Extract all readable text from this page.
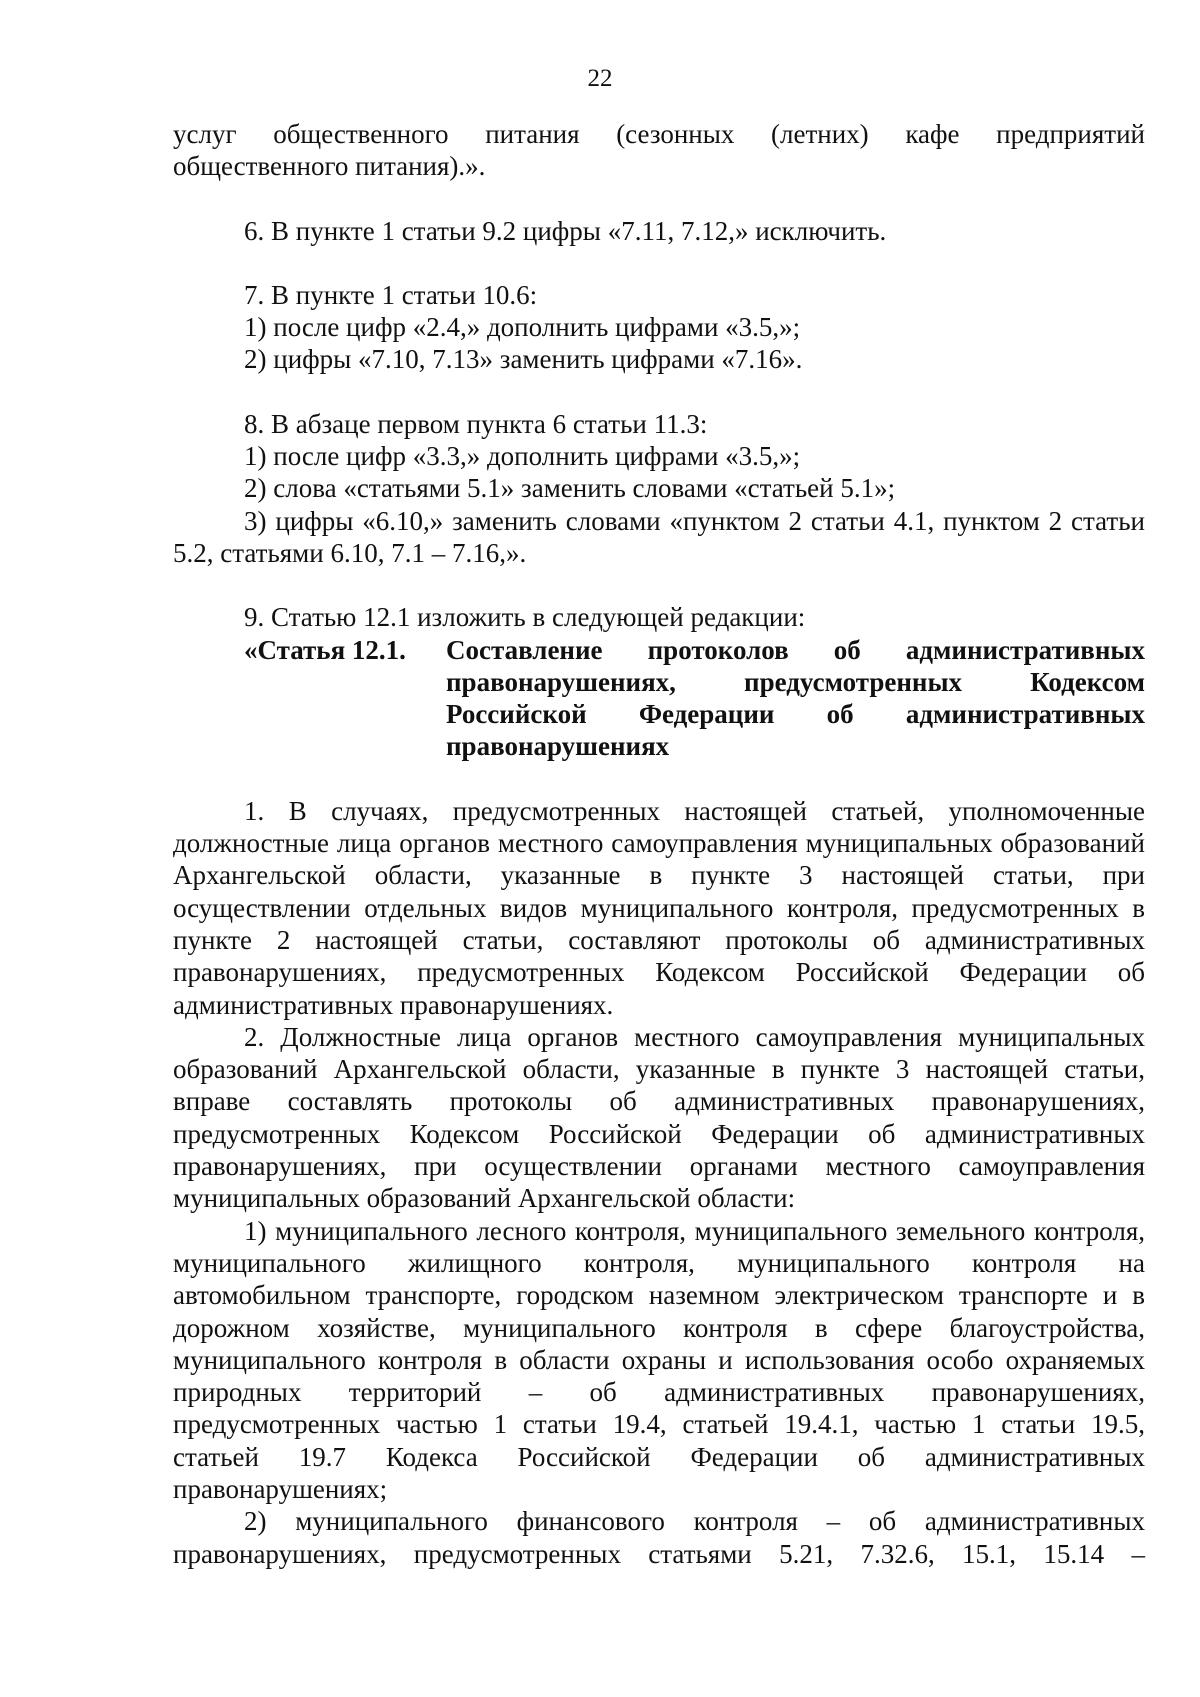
22

услуг общественного питания (сезонных (летних) кафе предприятий общественного питания).».

6. В пункте 1 статьи 9.2 цифры «7.11, 7.12,» исключить.

7. В пункте 1 статьи 10.6:

1) после цифр «2.4,» дополнить цифрами «3.5,»;

2) цифры «7.10, 7.13» заменить цифрами «7.16».

8. В абзаце первом пункта 6 статьи 11.3:

1) после цифр «3.3,» дополнить цифрами «3.5,»;

2) слова «статьями 5.1» заменить словами «статьей 5.1»;

3) цифры «6.10,» заменить словами «пунктом 2 статьи 4.1, пунктом 2 статьи 5.2, статьями 6.10, 7.1 – 7.16,».

9. Статью 12.1 изложить в следующей редакции:

«Статья 12.1.	Составление протоколов об административных
правонарушениях, предусмотренных Кодексом
Российской Федерации об административных
правонарушениях

1. В случаях, предусмотренных настоящей статьей, уполномоченные должностные лица органов местного самоуправления муниципальных образований Архангельской области, указанные в пункте 3 настоящей статьи, при осуществлении отдельных видов муниципального контроля, предусмотренных в пункте 2 настоящей статьи, составляют протоколы об административных правонарушениях, предусмотренных Кодексом Российской Федерации об административных правонарушениях.

2. Должностные лица органов местного самоуправления муниципальных образований Архангельской области, указанные в пункте 3 настоящей статьи, вправе составлять протоколы об административных правонарушениях, предусмотренных Кодексом Российской Федерации об административных правонарушениях, при осуществлении органами местного самоуправления муниципальных образований Архангельской области:

1) муниципального лесного контроля, муниципального земельного контроля, муниципального жилищного контроля, муниципального контроля на автомобильном транспорте, городском наземном электрическом транспорте и в дорожном хозяйстве, муниципального контроля в сфере благоустройства, муниципального контроля в области охраны и использования особо охраняемых природных территорий – об административных правонарушениях, предусмотренных частью 1 статьи 19.4, статьей 19.4.1, частью 1 статьи 19.5, статьей 19.7 Кодекса Российской Федерации об административных правонарушениях;

2) муниципального финансового контроля – об административных правонарушениях, предусмотренных статьями 5.21, 7.32.6, 15.1, 15.14 –
